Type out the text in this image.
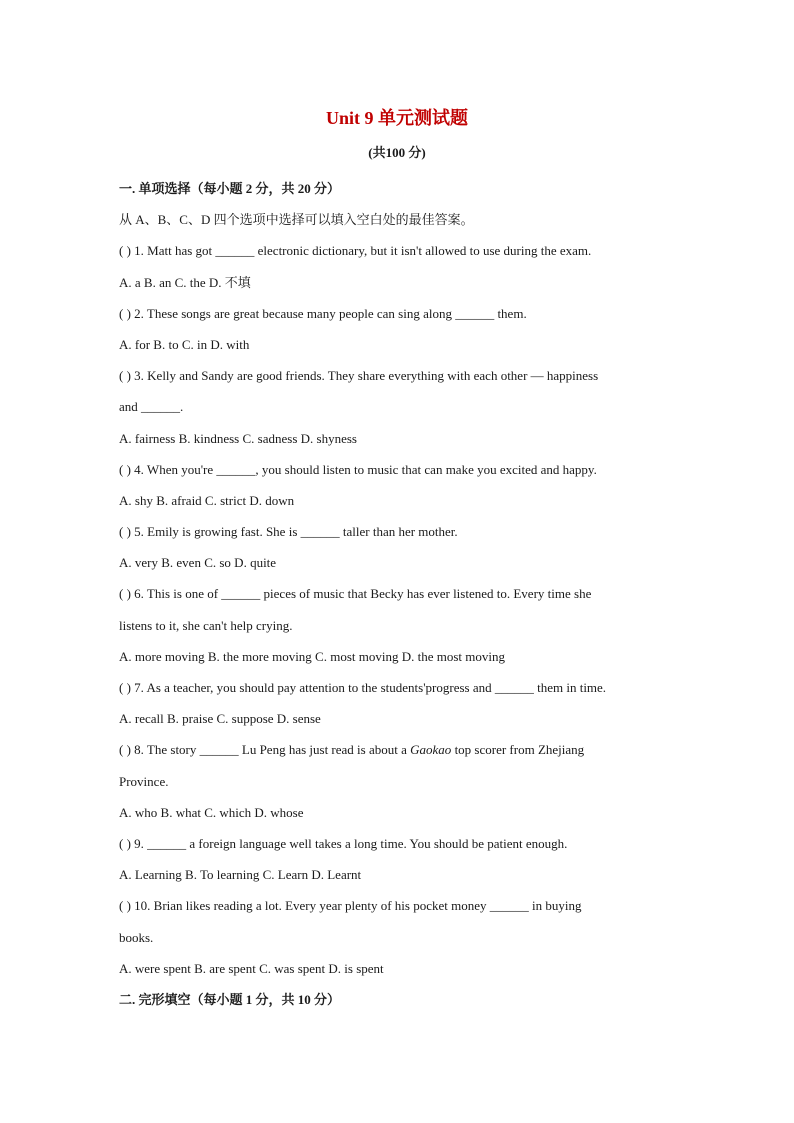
Unit 9 单元测试题
(共100 分)
一. 单项选择（每小题 2 分，共 20 分）
从 A、B、C、D 四个选项中选择可以填入空白处的最佳答案。
( ) 1. Matt has got ______ electronic dictionary, but it isn't allowed to use during the exam.
A. a B. an C. the D. 不填
( ) 2. These songs are great because many people can sing along ______ them.
A. for B. to C. in D. with
( ) 3. Kelly and Sandy are good friends. They share everything with each other — happiness
and ______.
A. fairness B. kindness C. sadness D. shyness
( ) 4. When you're ______, you should listen to music that can make you excited and happy.
A. shy B. afraid C. strict D. down
( ) 5. Emily is growing fast. She is ______ taller than her mother.
A. very B. even C. so D. quite
( ) 6. This is one of ______ pieces of music that Becky has ever listened to. Every time she
listens to it, she can't help crying.
A. more moving B. the more moving C. most moving D. the most moving
( ) 7. As a teacher, you should pay attention to the students'progress and ______ them in time.
A. recall B. praise C. suppose D. sense
( ) 8. The story ______ Lu Peng has just read is about a Gaokao top scorer from Zhejiang
Province.
A. who B. what C. which D. whose
( ) 9. ______ a foreign language well takes a long time. You should be patient enough.
A. Learning B. To learning C. Learn D. Learnt
( ) 10. Brian likes reading a lot. Every year plenty of his pocket money ______ in buying
books.
A. were spent B. are spent C. was spent D. is spent
二. 完形填空（每小题 1 分，共 10 分）
